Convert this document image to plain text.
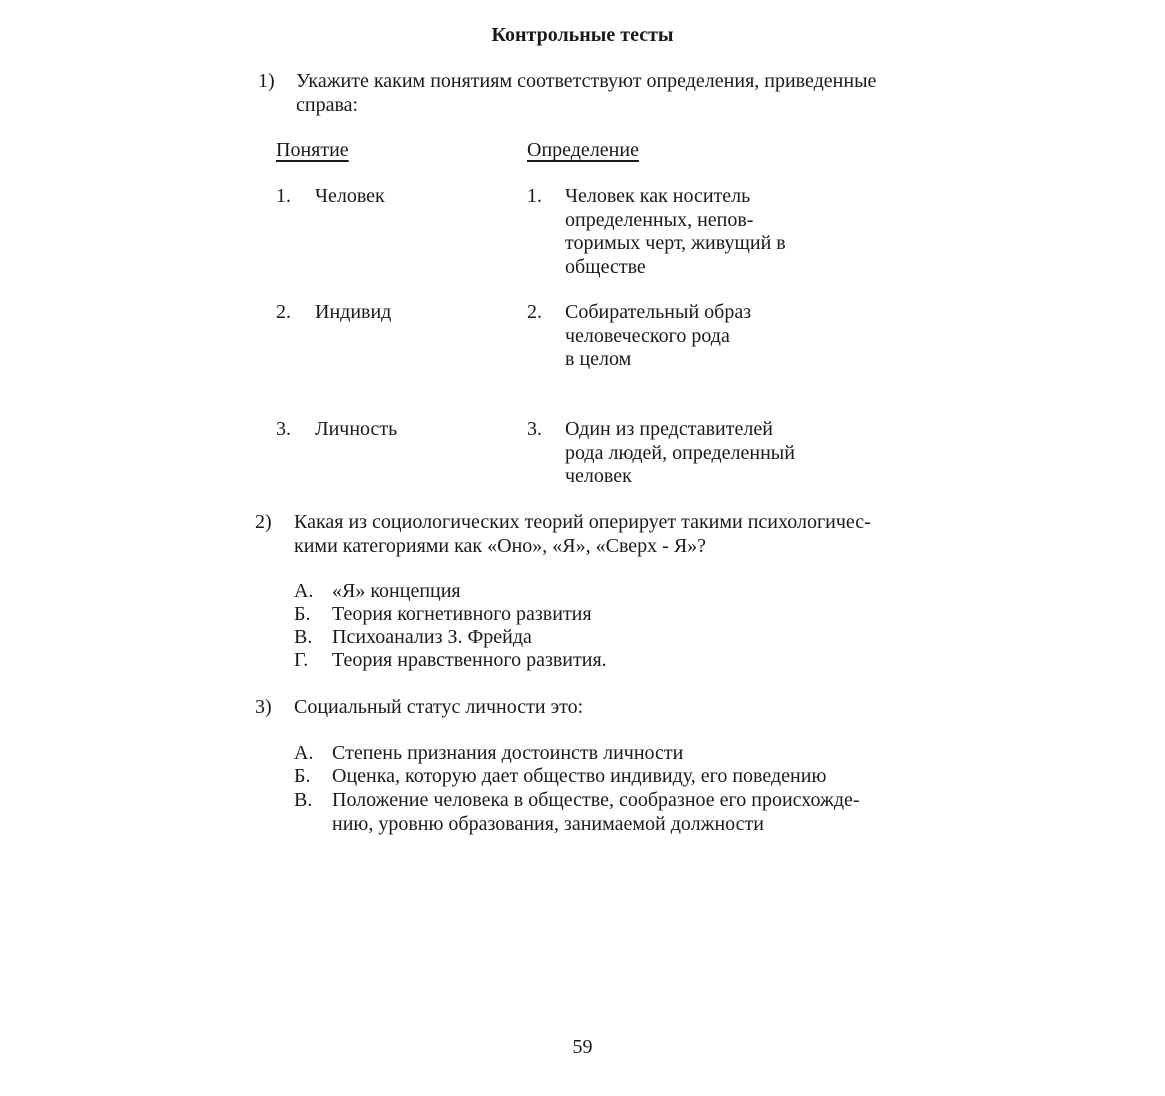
Контрольные тесты
1) Укажите каким понятиям соответствуют определения, приведенные
справа:
Понятие	Определение
1. Человек
2. Индивид
3. Личность
1. Человек как носитель
определенных, непов-
торимых черт, живущий в
обществе
2. Собирательный образ
человеческого рода
в целом
3. Один из представителей
рода людей, определенный
человек
2) Какая из социологических теорий оперирует такими психологичес-
кими категориями как «Оно», «Я», «Сверх - Я»?
А. «Я» концепция
Б. Теория когнетивного развития
В. Психоанализ З. Фрейда
Г. Теория нравственного развития.
3) Социальный статус личности это:
А. Степень признания достоинств личности
Б. Оценка, которую дает общество индивиду, его поведению
В. Положение человека в обществе, сообразное его происхожде-
нию, уровню образования, занимаемой должности
59
